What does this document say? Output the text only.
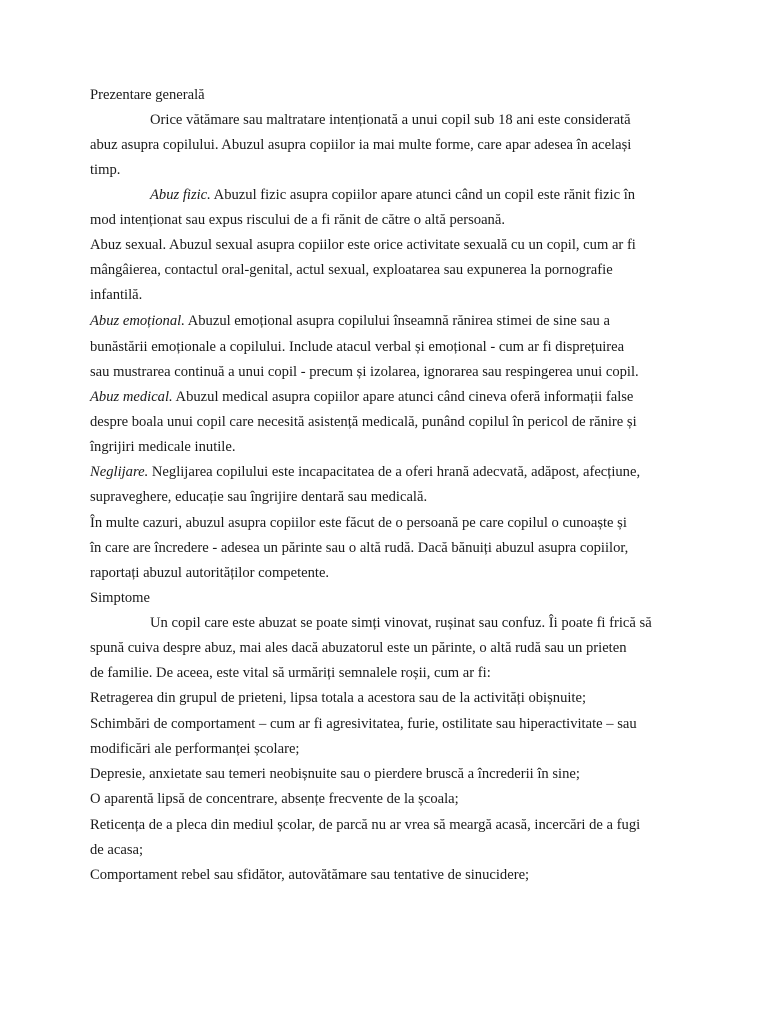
Prezentare generală
Orice vătămare sau maltratare intenționată a unui copil sub 18 ani este considerată
abuz asupra copilului. Abuzul asupra copiilor ia mai multe forme, care apar adesea în același
timp.
Abuz fizic. Abuzul fizic asupra copiilor apare atunci când un copil este rănit fizic în
mod intenționat sau expus riscului de a fi rănit de către o altă persoană.
Abuz sexual. Abuzul sexual asupra copiilor este orice activitate sexuală cu un copil, cum ar fi
mângâierea, contactul oral-genital, actul sexual, exploatarea sau expunerea la pornografie
infantilă.
Abuz emoțional. Abuzul emoțional asupra copilului înseamnă rănirea stimei de sine sau a
bunăstării emoționale a copilului. Include atacul verbal și emoțional - cum ar fi disprețuirea
sau mustrarea continuă a unui copil - precum și izolarea, ignorarea sau respingerea unui copil.
Abuz medical. Abuzul medical asupra copiilor apare atunci când cineva oferă informații false
despre boala unui copil care necesită asistență medicală, punând copilul în pericol de rănire și
îngrijiri medicale inutile.
Neglijare. Neglijarea copilului este incapacitatea de a oferi hrană adecvată, adăpost, afecțiune,
supraveghere, educație sau îngrijire dentară sau medicală.
În multe cazuri, abuzul asupra copiilor este făcut de o persoană pe care copilul o cunoaște și
în care are încredere - adesea un părinte sau o altă rudă. Dacă bănuiți abuzul asupra copiilor,
raportați abuzul autorităților competente.
Simptome
Un copil care este abuzat se poate simți vinovat, rușinat sau confuz. Îi poate fi frică să
spună cuiva despre abuz, mai ales dacă abuzatorul este un părinte, o altă rudă sau un prieten
de familie. De aceea, este vital să urmăriți semnalele roșii, cum ar fi:
Retragerea din grupul de prieteni, lipsa totala a acestora sau de la activități obișnuite;
Schimbări de comportament – cum ar fi agresivitatea, furie, ostilitate sau hiperactivitate – sau
modificări ale performanței școlare;
Depresie, anxietate sau temeri neobișnuite sau o pierdere bruscă a încrederii în sine;
O aparentă lipsă de concentrare, absențe frecvente de la școala;
Reticența de a pleca din mediul școlar, de parcă nu ar vrea să meargă acasă, incercări de a fugi
de acasa;
Comportament rebel sau sfidător, autovătămare sau tentative de sinucidere;
